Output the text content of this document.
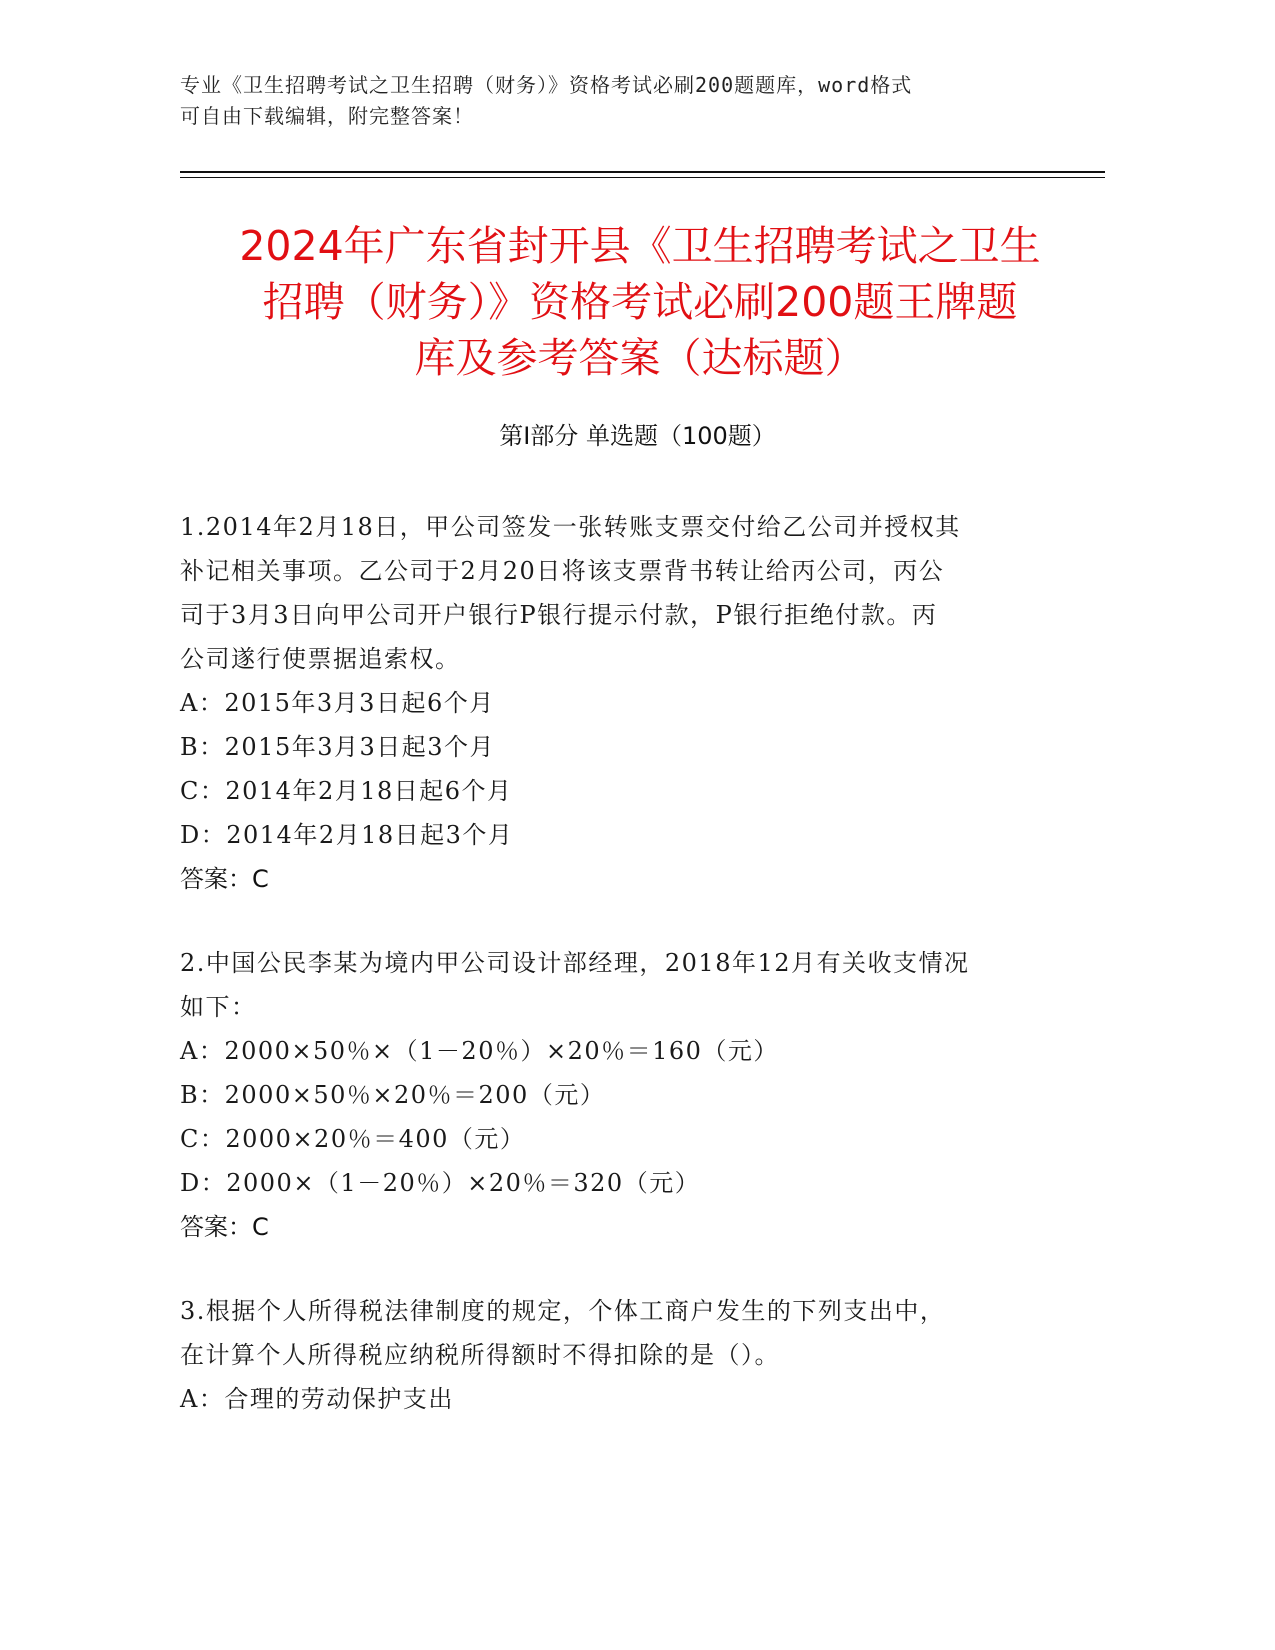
专业《卫生招聘考试之卫生招聘（财务）》资格考试必刷200题题库，word格式
可自由下载编辑，附完整答案！
2024年广东省封开县《卫生招聘考试之卫生
招聘（财务）》资格考试必刷200题王牌题
库及参考答案（达标题）
第Ⅰ部分 单选题（100题）
1.2014年2月18日，甲公司签发一张转账支票交付给乙公司并授权其
补记相关事项。乙公司于2月20日将该支票背书转让给丙公司，丙公
司于3月3日向甲公司开户银行P银行提示付款，P银行拒绝付款。丙
公司遂行使票据追索权。
A：2015年3月3日起6个月
B：2015年3月3日起3个月
C：2014年2月18日起6个月
D：2014年2月18日起3个月
答案：C
2.中国公民李某为境内甲公司设计部经理，2018年12月有关收支情况
如下：
A：2000×50％×（1－20％）×20％＝160（元）
B：2000×50％×20％＝200（元）
C：2000×20％＝400（元）
D：2000×（1－20％）×20％＝320（元）
答案：C
3.根据个人所得税法律制度的规定，个体工商户发生的下列支出中，
在计算个人所得税应纳税所得额时不得扣除的是（）。
A：合理的劳动保护支出
